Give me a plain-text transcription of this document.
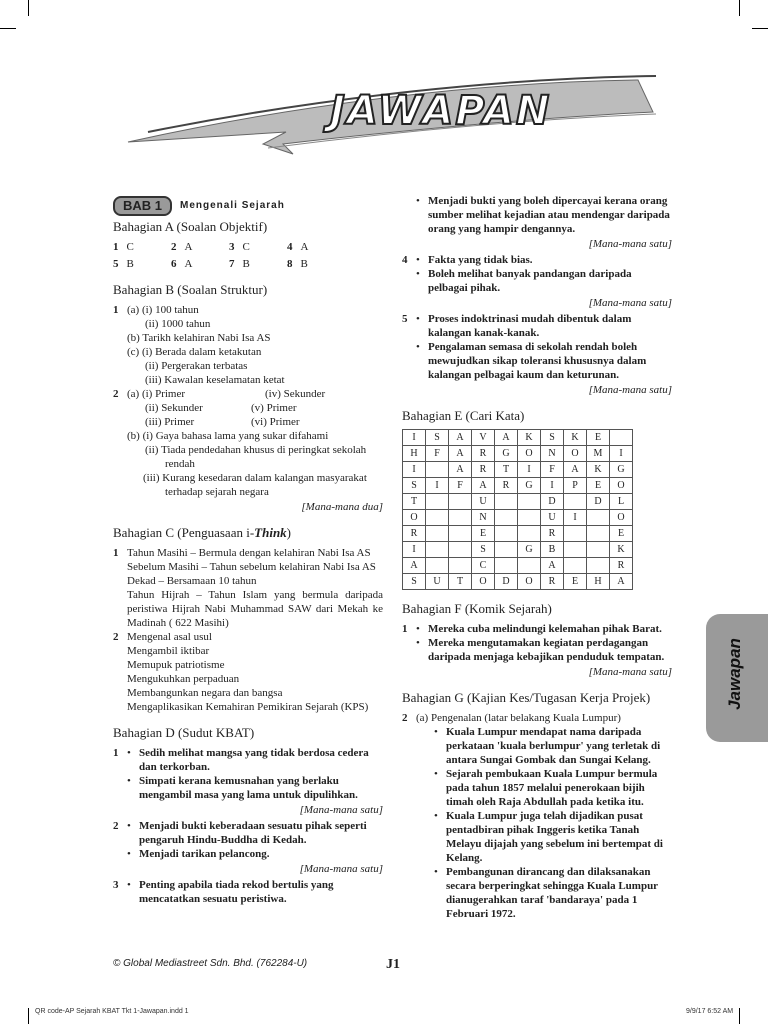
JAWAPAN
BAB 1	Mengenali Sejarah
Bahagian A (Soalan Objektif)
1 C	2 A	3 C	4 A
5 B	6 A	7 B	8 B
Bahagian B (Soalan Struktur)
1 (a) (i) 100 tahun
(ii) 1000 tahun
(b) Tarikh kelahiran Nabi Isa AS
(c) (i) Berada dalam ketakutan
(ii) Pergerakan terbatas
(iii) Kawalan keselamatan ketat
2 (a) (i) Primer	(iv) Sekunder
(ii) Sekunder	(v) Primer
(iii) Primer	(vi) Primer
(b) (i) Gaya bahasa lama yang sukar difahami
(ii) Tiada pendedahan khusus di peringkat sekolah rendah
(iii) Kurang kesedaran dalam kalangan masyarakat terhadap sejarah negara
[Mana-mana dua]
Bahagian C (Penguasaan i-Think)
1 Tahun Masihi – Bermula dengan kelahiran Nabi Isa AS
Sebelum Masihi – Tahun sebelum kelahiran Nabi Isa AS
Dekad – Bersamaan 10 tahun
Tahun Hijrah – Tahun Islam yang bermula daripada peristiwa Hijrah Nabi Muhammad SAW dari Mekah ke Madinah ( 622 Masihi)
2 Mengenal asal usul
Mengambil iktibar
Memupuk patriotisme
Mengukuhkan perpaduan
Membangunkan negara dan bangsa
Mengaplikasikan Kemahiran Pemikiran Sejarah (KPS)
Bahagian D (Sudut KBAT)
1 • Sedih melihat mangsa yang tidak berdosa cedera dan terkorban.
• Simpati kerana kemusnahan yang berlaku mengambil masa yang lama untuk dipulihkan.
[Mana-mana satu]
2 • Menjadi bukti keberadaan sesuatu pihak seperti pengaruh Hindu-Buddha di Kedah.
• Menjadi tarikan pelancong.
[Mana-mana satu]
3 • Penting apabila tiada rekod bertulis yang mencatatkan sesuatu peristiwa.
• Menjadi bukti yang boleh dipercayai kerana orang sumber melihat kejadian atau mendengar daripada orang yang hampir dengannya.
[Mana-mana satu]
4 • Fakta yang tidak bias.
• Boleh melihat banyak pandangan daripada pelbagai pihak.
[Mana-mana satu]
5 • Proses indoktrinasi mudah dibentuk dalam kalangan kanak-kanak.
• Pengalaman semasa di sekolah rendah boleh mewujudkan sikap toleransi khususnya dalam kalangan pelbagai kaum dan keturunan.
[Mana-mana satu]
Bahagian E (Cari Kata)
I	S	A	V	A	K	S	K	E	
H	F	A	R	G	O	N	O	M	I
I		A	R	T	I	F	A	K	G
S	I	F	A	R	G	I	P	E	O
T			U			D		D	L
O			N			U	I		O
R			E			R			E
I			S		G	B			K
A			C			A			R
S	U	T	O	D	O	R	E	H	A
Bahagian F (Komik Sejarah)
1 • Mereka cuba melindungi kelemahan pihak Barat.
• Mereka mengutamakan kegiatan perdagangan daripada menjaga kebajikan penduduk tempatan.
[Mana-mana satu]
Bahagian G (Kajian Kes/Tugasan Kerja Projek)
2 (a) Pengenalan (latar belakang Kuala Lumpur)
• Kuala Lumpur mendapat nama daripada perkataan 'kuala berlumpur' yang terletak di antara Sungai Gombak dan Sungai Kelang.
• Sejarah pembukaan Kuala Lumpur bermula pada tahun 1857 melalui penerokaan bijih timah oleh Raja Abdullah pada ketika itu.
• Kuala Lumpur juga telah dijadikan pusat pentadbiran pihak Inggeris ketika Tanah Melayu dijajah yang sebelum ini bertempat di Kelang.
• Pembangunan dirancang dan dilaksanakan secara berperingkat sehingga Kuala Lumpur dianugerahkan taraf 'bandaraya' pada 1 Februari 1972.
Jawapan
© Global Mediastreet Sdn. Bhd. (762284-U)	J1
QR code-AP Sejarah KBAT Tkt 1-Jawapan.indd 1	9/9/17 6:52 AM
